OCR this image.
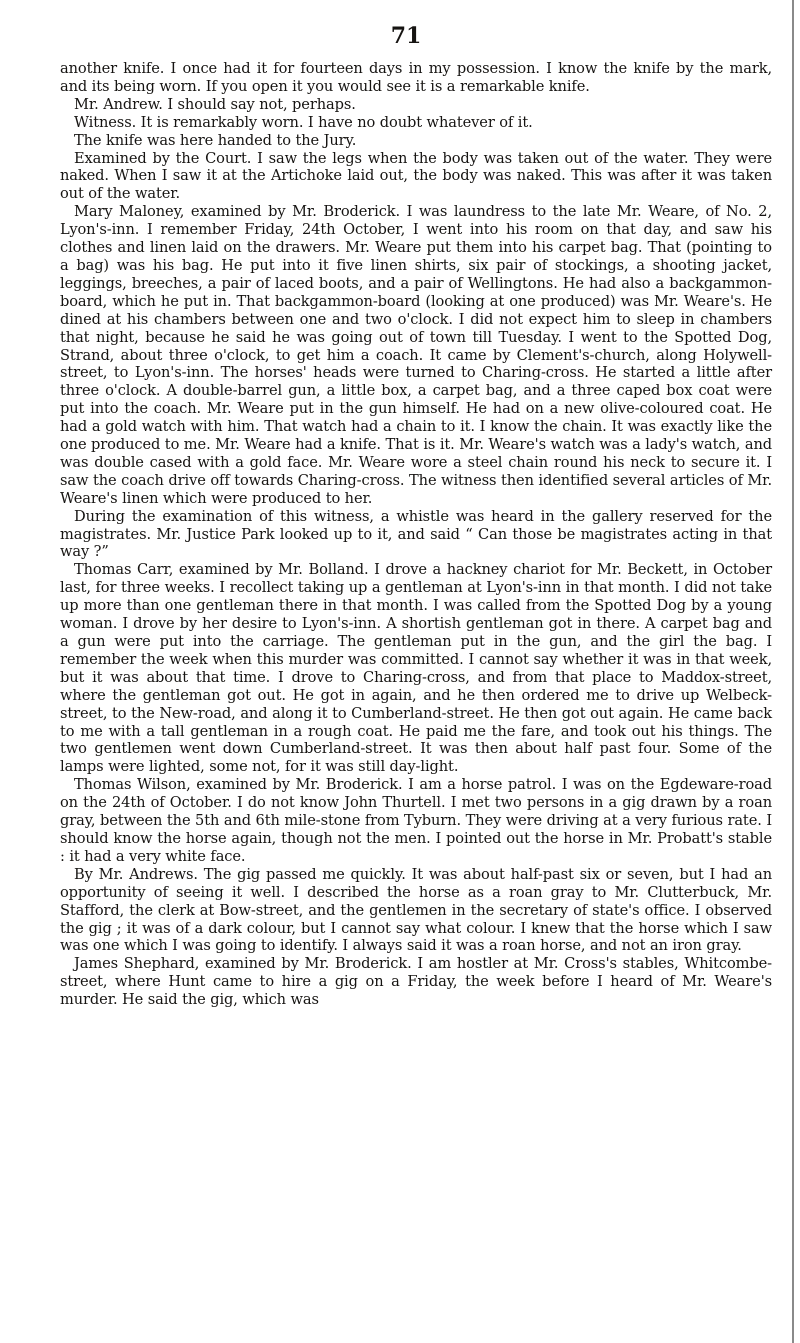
71

another knife. I once had it for fourteen days in my possession. I know the knife by the mark, and its being worn. If you open it you would see it is a remarkable knife.

Mr. Andrew. I should say not, perhaps.

Witness. It is remarkably worn. I have no doubt whatever of it.

The knife was here handed to the Jury.

Examined by the Court. I saw the legs when the body was taken out of the water. They were naked. When I saw it at the Artichoke laid out, the body was naked. This was after it was taken out of the water.

Mary Maloney, examined by Mr. Broderick. I was laundress to the late Mr. Weare, of No. 2, Lyon's-inn. I remember Friday, 24th October, I went into his room on that day, and saw his clothes and linen laid on the drawers. Mr. Weare put them into his carpet bag. That (pointing to a bag) was his bag. He put into it five linen shirts, six pair of stockings, a shooting jacket, leggings, breeches, a pair of laced boots, and a pair of Wellingtons. He had also a backgammon-board, which he put in. That backgammon-board (looking at one produced) was Mr. Weare's. He dined at his chambers between one and two o'clock. I did not expect him to sleep in chambers that night, because he said he was going out of town till Tuesday. I went to the Spotted Dog, Strand, about three o'clock, to get him a coach. It came by Clement's-church, along Holywell-street, to Lyon's-inn. The horses' heads were turned to Charing-cross. He started a little after three o'clock. A double-barrel gun, a little box, a carpet bag, and a three caped box coat were put into the coach. Mr. Weare put in the gun himself. He had on a new olive-coloured coat. He had a gold watch with him. That watch had a chain to it. I know the chain. It was exactly like the one produced to me. Mr. Weare had a knife. That is it. Mr. Weare's watch was a lady's watch, and was double cased with a gold face. Mr. Weare wore a steel chain round his neck to secure it. I saw the coach drive off towards Charing-cross. The witness then identified several articles of Mr. Weare's linen which were produced to her.

During the examination of this witness, a whistle was heard in the gallery reserved for the magistrates. Mr. Justice Park looked up to it, and said “ Can those be magistrates acting in that way ?”

Thomas Carr, examined by Mr. Bolland. I drove a hackney chariot for Mr. Beckett, in October last, for three weeks. I recollect taking up a gentleman at Lyon's-inn in that month. I did not take up more than one gentleman there in that month. I was called from the Spotted Dog by a young woman. I drove by her desire to Lyon's-inn. A shortish gentleman got in there. A carpet bag and a gun were put into the carriage. The gentleman put in the gun, and the girl the bag. I remember the week when this murder was committed. I cannot say whether it was in that week, but it was about that time. I drove to Charing-cross, and from that place to Maddox-street, where the gentleman got out. He got in again, and he then ordered me to drive up Welbeck-street, to the New-road, and along it to Cumberland-street. He then got out again. He came back to me with a tall gentleman in a rough coat. He paid me the fare, and took out his things. The two gentlemen went down Cumberland-street. It was then about half past four. Some of the lamps were lighted, some not, for it was still day-light.

Thomas Wilson, examined by Mr. Broderick. I am a horse patrol. I was on the Egdeware-road on the 24th of October. I do not know John Thurtell. I met two persons in a gig drawn by a roan gray, between the 5th and 6th mile-stone from Tyburn. They were driving at a very furious rate. I should know the horse again, though not the men. I pointed out the horse in Mr. Probatt's stable : it had a very white face.

By Mr. Andrews. The gig passed me quickly. It was about half-past six or seven, but I had an opportunity of seeing it well. I described the horse as a roan gray to Mr. Clutterbuck, Mr. Stafford, the clerk at Bow-street, and the gentlemen in the secretary of state's office. I observed the gig ; it was of a dark colour, but I cannot say what colour. I knew that the horse which I saw was one which I was going to identify. I always said it was a roan horse, and not an iron gray.

James Shephard, examined by Mr. Broderick. I am hostler at Mr. Cross's stables, Whitcombe-street, where Hunt came to hire a gig on a Friday, the week before I heard of Mr. Weare's murder. He said the gig, which was
